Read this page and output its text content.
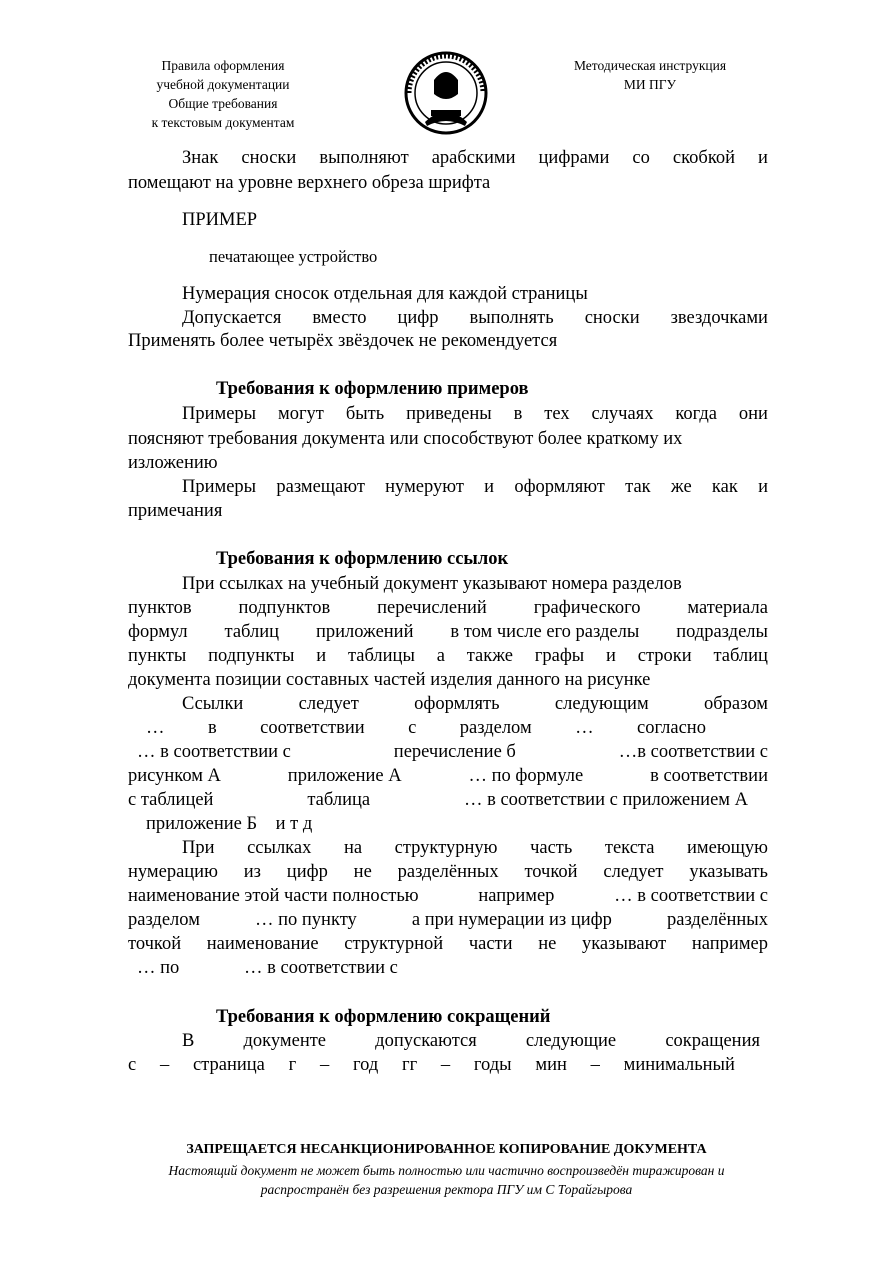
Правила оформления
учебной документации
Общие требования
к текстовым документам
Методическая инструкция
МИ ПГУ
Знак сноски выполняют арабскими цифрами со скобкой и
помещают на уровне верхнего обреза шрифта
ПРИМЕР
печатающее устройство
Нумерация сносок отдельная для каждой страницы
Допускается вместо цифр выполнять сноски звездочками
Применять более четырёх звёздочек не рекомендуется
Требования к оформлению примеров
Примеры могут быть приведены в тех случаях когда они
поясняют требования документа или способствуют более краткому их
изложению
Примеры размещают нумеруют и оформляют так же как и
примечания
Требования к оформлению ссылок
При ссылках на учебный документ указывают номера разделов
пунктов	подпунктов	перечислений	графического	материала
формул таблиц приложений в том числе его разделы подразделы
пункты подпункты и таблицы а также графы и строки таблиц
документа позиции составных частей изделия данного на рисунке
Ссылки	следует	оформлять	следующим	образом
… в соответствии с разделом … согласно
… в соответствии с	перечисление б	…в соответствии с
рисунком А	приложение А	… по формуле	в соответствии
с таблицей	таблица	… в соответствии с приложением А
приложение Б    и т д
При ссылках на структурную часть текста имеющую
нумерацию из цифр не разделённых точкой следует указывать
наименование этой части полностью	например	… в соответствии с
разделом	… по пункту	а при нумерации из цифр	разделённых
точкой наименование структурной части не указывают например
… по              … в соответствии с
Требования к оформлению сокращений
В	документе	допускаются	следующие	сокращения
с – страница г – год гг – годы мин – минимальный
ЗАПРЕЩАЕТСЯ НЕСАНКЦИОНИРОВАННОЕ КОПИРОВАНИЕ ДОКУМЕНТА
Настоящий документ не может быть полностью или частично воспроизведён тиражирован и
распространён без разрешения ректора ПГУ им С Торайгырова
